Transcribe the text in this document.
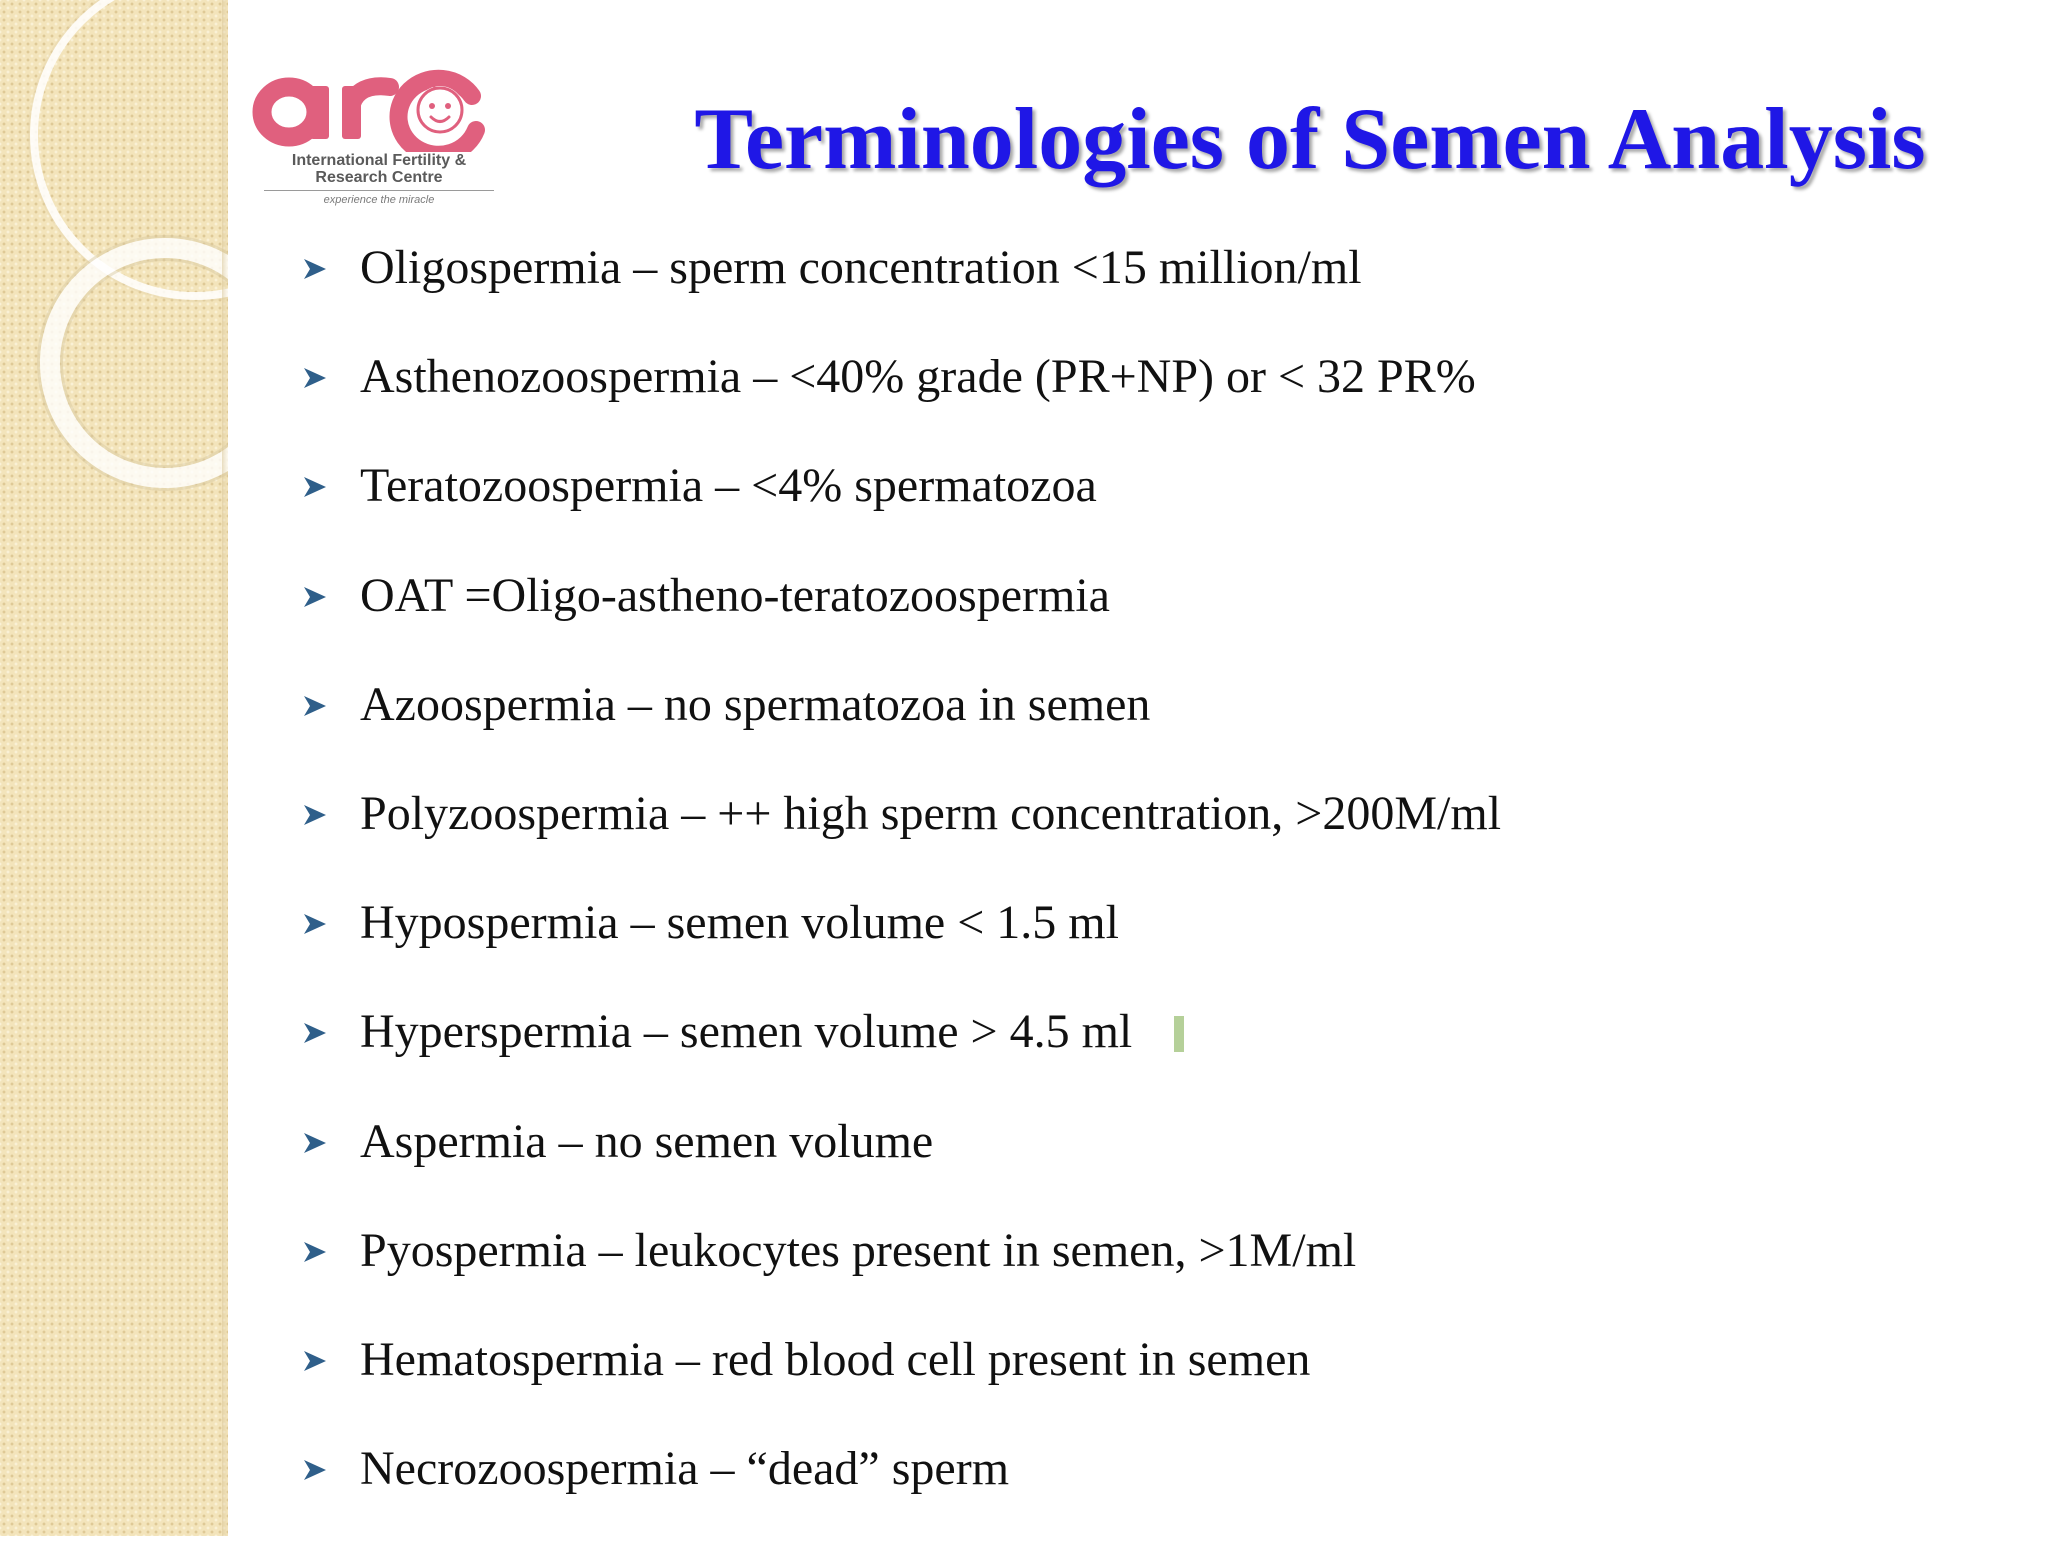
International Fertility &
Research Centre
experience the miracle
Terminologies of Semen Analysis
Oligospermia – sperm concentration <15 million/ml
Asthenozoospermia – <40% grade (PR+NP) or < 32 PR%
Teratozoospermia – <4% spermatozoa
OAT =Oligo-astheno-teratozoospermia
Azoospermia – no spermatozoa in semen
Polyzoospermia – ++ high sperm concentration, >200M/ml
Hypospermia – semen volume < 1.5 ml
Hyperspermia – semen volume > 4.5 ml
Aspermia – no semen volume
Pyospermia – leukocytes present in semen, >1M/ml
Hematospermia – red blood cell present in semen
Necrozoospermia – “dead” sperm
